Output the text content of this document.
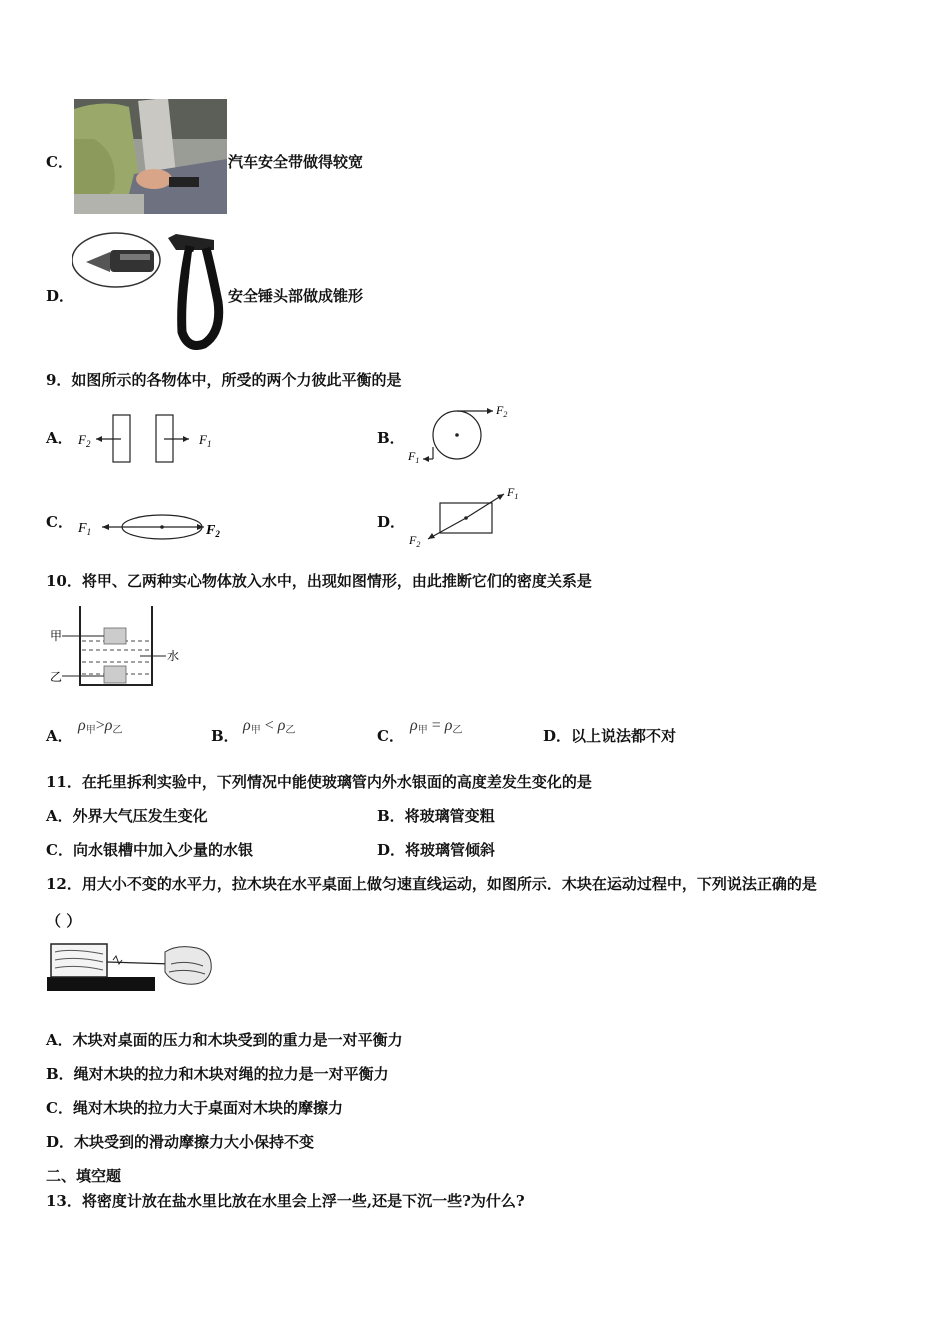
C．	汽车安全带做得较宽
D．	安全锤头部做成锥形
9．如图所示的各物体中，所受的两个力彼此平衡的是
A． $F_2$	$F_1$	B．
$F_2$
$F_1$
C． $F_1$	$F_2$
D．
$F_1$
$F_2$
10．将甲、乙两种实心物体放入水中，出现如图情形，由此推断它们的密度关系是
甲
乙
水
A．
ρ甲>ρ乙	B．
ρ甲 < ρ乙	C．
ρ甲 = ρ乙	D． 以上说法都不对
11．在托里拆利实验中，下列情况中能使玻璃管内外水银面的高度差发生变化的是
A．外界大气压发生变化	B．将玻璃管变粗
C．向水银槽中加入少量的水银	D．将玻璃管倾斜
12．用大小不变的水平力，拉木块在水平桌面上做匀速直线运动，如图所示．木块在运动过程中，下列说法正确的是
（ ）
A．木块对桌面的压力和木块受到的重力是一对平衡力
B．绳对木块的拉力和木块对绳的拉力是一对平衡力
C．绳对木块的拉力大于桌面对木块的摩擦力
D．木块受到的滑动摩擦力大小保持不变
二、填空题
13．将密度计放在盐水里比放在水里会上浮一些,还是下沉一些?为什么?
